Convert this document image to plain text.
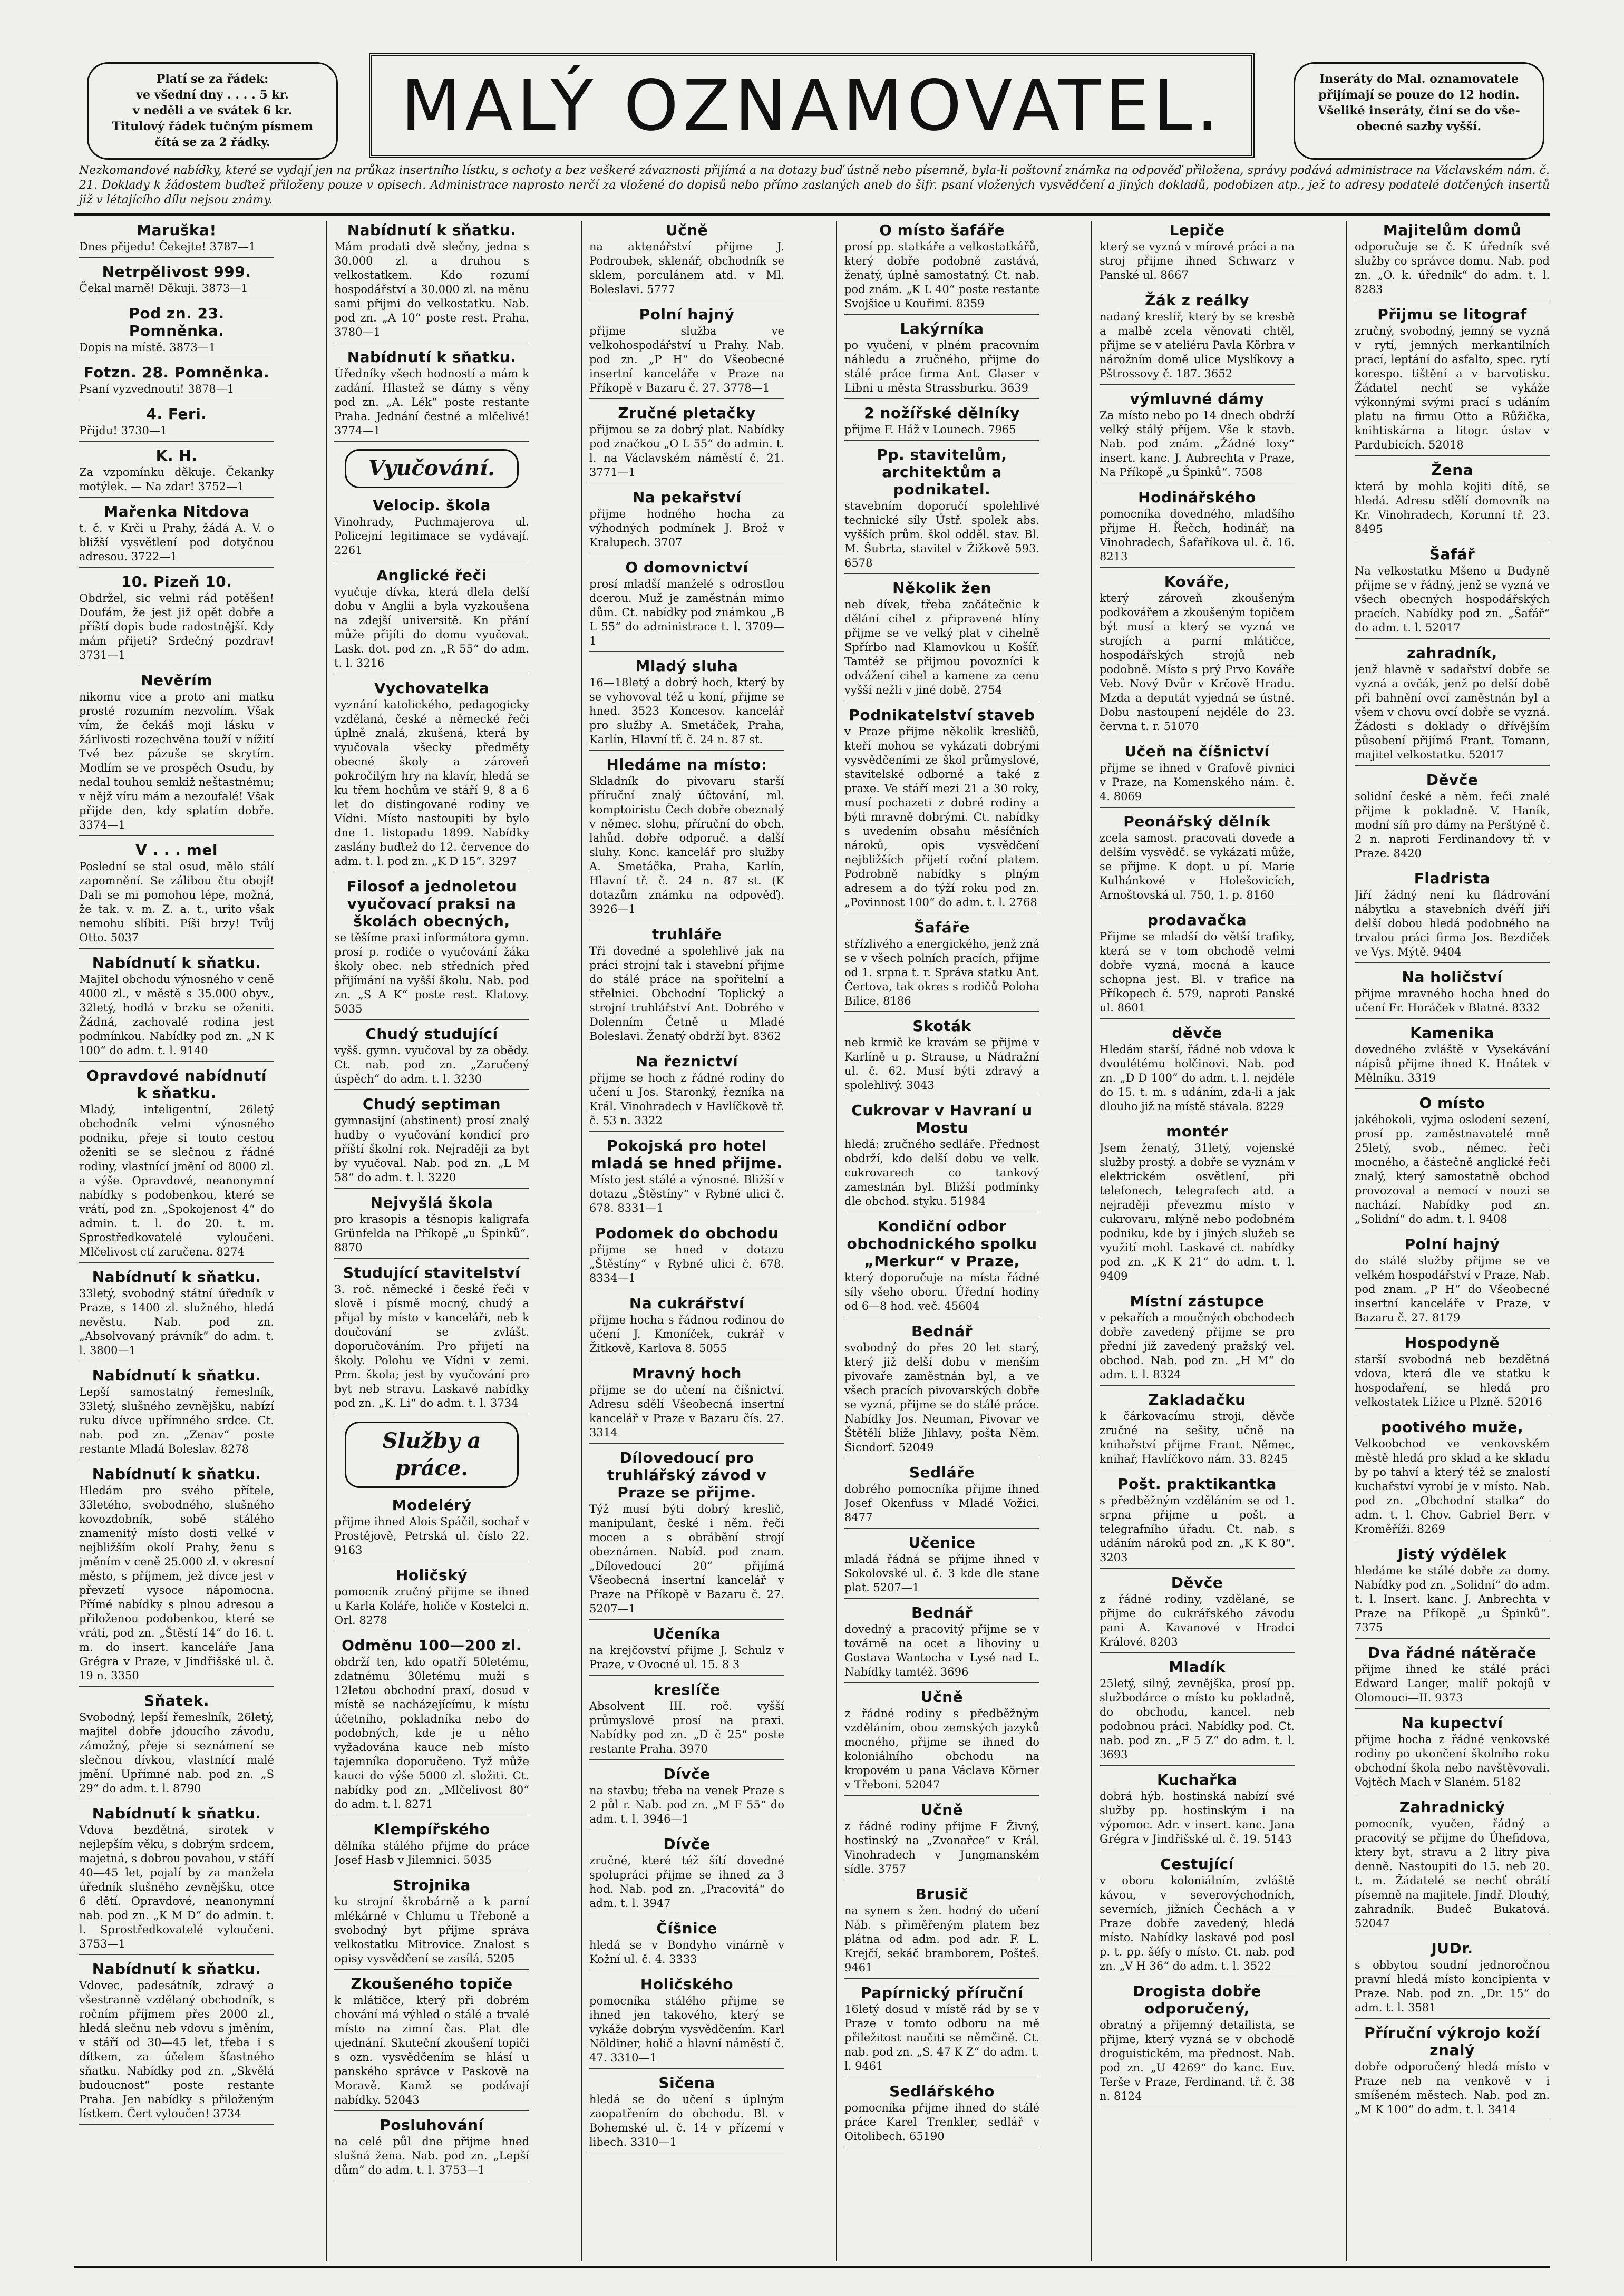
Platí se za řádek:
ve všední dny . . . . 5 kr.
v neděli a ve svátek 6 kr.
Titulový řádek tučným písmem
čítá se za 2 řádky.	MALÝ OZNAMOVATEL.	Inseráty do Mal. oznamovatele
přijímají se pouze do 12 hodin.
Všeliké inseráty, činí se do vše-
obecné sazby vyšší.
Nezkomandové nabídky, které se vydají jen na průkaz insertního lístku, s ochoty a bez veškeré závaznosti přijímá a na dotazy buď ústně nebo písemně, byla-li poštovní známka na odpověď přiložena, správy podává administrace na Václavském nám. č. 21. Doklady k žádostem buďtež přiloženy pouze v opisech. Administrace naprosto nerčí za vložené do dopisů nebo přímo zaslaných aneb do šifr. psaní vložených vysvědčení a jiných dokladů, podobizen atp., jež to adresy podatelé dotčených insertů již v létajícího dílu nejsou známy.
Maruška!

Dnes přijedu! Čekejte! 3787—1

Netrpělivost 999.

Čekal marně! Děkuji. 3873—1

Pod zn. 23. Pomněnka.

Dopis na místě. 3873—1

Fotzn. 28. Pomněnka.

Psaní vyzvednouti! 3878—1

4. Feri.

Přijdu! 3730—1

K. H.

Za vzpomínku děkuje. Čekanky motýlek. — Na zdar! 3752—1

Mařenka Nitdova

t. č. v Krči u Prahy, žádá A. V. o bližší vysvětlení pod dotyčnou adresou. 3722—1

10. Pizeň 10.

Obdržel, sic velmi rád potěšen! Doufám, že jest již opět dobře a příští dopis bude radostnější. Kdy mám přijeti? Srdečný pozdrav! 3731—1

Nevěrím

nikomu více a proto ani matku prosté rozumím nezvolím. Však vím, že čekáš moji lásku v žárlivosti rozechvěna touží v nížití Tvé bez pázuše se skrytím. Modlím se ve prospěch Osudu, by nedal touhou semkiž neštastnému; v nějž víru mám a nezoufalé! Však přijde den, kdy splatím dobře. 3374—1

V . . . mel

Poslední se stal osud, mělo stálí zapomnění. Se zálibou čtu obojí! Dali se mi pomohou lépe, možná, že tak. v. m. Z. a. t., urito však nemohu slíbiti. Píši brzy! Tvůj Otto. 5037

Nabídnutí k sňatku.

Majitel obchodu výnosného v ceně 4000 zl., v městě s 35.000 obyv., 32letý, hodlá v brzku se oženiti. Žádná, zachovalé rodina jest podmínkou. Nabídky pod zn. „N K 100“ do adm. t. l. 9140

Opravdové nabídnutí k sňatku.

Mladý, inteligentní, 26letý obchodník velmi výnosného podniku, přeje si touto cestou oženiti se se slečnou z řádné rodiny, vlastnící jmění od 8000 zl. a výše. Opravdové, neanonymní nabídky s podobenkou, které se vrátí, pod zn. „Spokojenost 4“ do admin. t. l. do 20. t. m. Sprostředkovatelé vyloučeni. Mlčelivost ctí zaručena. 8274

Nabídnutí k sňatku.

33letý, svobodný státní úředník v Praze, s 1400 zl. služného, hledá nevěstu. Nab. pod zn. „Absolvovaný právník“ do adm. t. l. 3800—1

Nabídnutí k sňatku.

Lepší samostatný řemeslník, 33letý, slušného zevnějšku, nabízí ruku dívce upřímného srdce. Ct. nab. pod zn. „Zenav“ poste restante Mladá Boleslav. 8278

Nabídnutí k sňatku.

Hledám pro svého přítele, 33letého, svobodného, slušného kovozdobník, sobě stálého znamenitý místo dosti velké v nejbližším okolí Prahy, ženu s jměním v ceně 25.000 zl. v okresní město, s příjmem, jež dívce jest v převzetí vysoce nápomocna. Přímé nabídky s plnou adresou a přiloženou podobenkou, které se vrátí, pod zn. „Štěstí 14“ do 16. t. m. do insert. kanceláře Jana Grégra v Praze, v Jindřišské ul. č. 19 n. 3350

Sňatek.

Svobodný, lepší řemeslník, 26letý, majitel dobře jdoucího závodu, zámožný, přeje si seznámení se slečnou dívkou, vlastnící malé jmění. Upřímné nab. pod zn. „S 29“ do adm. t. l. 8790

Nabídnutí k sňatku.

Vdova bezdětná, sirotek v nejlepším věku, s dobrým srdcem, majetná, s dobrou povahou, v stáří 40—45 let, pojalí by za manžela úředník slušného zevnějšku, otce 6 dětí. Opravdové, neanonymní nab. pod zn. „K M D“ do admin. t. l. Sprostředkovatelé vyloučeni. 3753—1

Nabídnutí k sňatku.

Vdovec, padesátník, zdravý a všestranně vzdělaný obchodník, s ročním příjmem přes 2000 zl., hledá slečnu neb vdovu s jměním, v stáří od 30—45 let, třeba i s dítkem, za účelem šťastného sňatku. Nabídky pod zn. „Skvělá budoucnost“ poste restante Praha. Jen nabídky s přiloženým lístkem. Čert vyloučen! 3734

Nabídnutí k sňatku.

Mám prodati dvě slečny, jedna s 30.000 zl. a druhou s velkostatkem. Kdo rozumí hospodářství a 30.000 zl. na měnu sami přijmi do velkostatku. Nab. pod zn. „A 10“ poste rest. Praha. 3780—1

Nabídnutí k sňatku.

Úředníky všech hodností a mám k zadání. Hlastež se dámy s věny pod zn. „A. Lék“ poste restante Praha. Jednání čestné a mlčelivé! 3774—1

Vyučování.
Velocip. škola

Vinohrady, Puchmajerova ul. Policejní legitimace se vydávají. 2261

Anglické řeči

vyučuje dívka, která dlela delší dobu v Anglii a byla vyzkoušena na zdejší universitě. Kn přání může přijíti do domu vyučovat. Lask. dot. pod zn. „R 55“ do adm. t. l. 3216

Vychovatelka

vyznání katolického, pedagogicky vzdělaná, české a německé řeči úplně znalá, zkušená, která by vyučovala všecky předměty obecné školy a zároveň pokročilým hry na klavír, hledá se ku třem hochům ve stáří 9, 8 a 6 let do distingované rodiny ve Vídni. Místo nastoupiti by bylo dne 1. listopadu 1899. Nabídky zaslány buďtež do 12. července do adm. t. l. pod zn. „K D 15“. 3297

Filosof a jednoletou vyučovací praksi na školách obecných,

se těšíme praxi informátora gymn. prosí p. rodiče o vyučování žáka školy obec. neb středních před přijímání na vyšší školu. Nab. pod zn. „S A K“ poste rest. Klatovy. 5035

Chudý studující

vyšš. gymn. vyučoval by za obědy. Ct. nab. pod zn. „Zaručený úspěch“ do adm. t. l. 3230

Chudý septiman

gymnasijní (abstinent) prosí znalý hudby o vyučování kondicí pro příští školní rok. Nejraději za byt by vyučoval. Nab. pod zn. „L M 58“ do adm. t. l. 3220

Nejvyšlá škola

pro krasopis a těsnopis kaligrafa Grünfelda na Příkopě „u Špinků“. 8870

Studující stavitelství

3. roč. německé i české řeči v slově i písmě mocný, chudý a přijal by místo v kanceláři, neb k doučování se zvlášt. doporučováním. Pro přijetí na školy. Polohu ve Vídni v zemi. Prm. škola; jest by vyučování pro byt neb stravu. Laskavé nabídky pod zn. „K. Li“ do adm. t. l. 3734

Služby a práce.
Modelérý

přijme ihned Alois Spáčil, sochař v Prostějově, Petrská ul. číslo 22. 9163

Holičský

pomocník zručný přijme se ihned u Karla Koláře, holiče v Kostelci n. Orl. 8278

Odměnu 100—200 zl.

obdrží ten, kdo opatří 50letému, zdatnému 30letému muži s 12letou obchodní praxí, dosud v místě se nacházejícímu, k místu účetního, pokladníka nebo do podobných, kde je u něho vyžadována kauce neb místo tajemníka doporučeno. Tyž může kauci do výše 5000 zl. složiti. Ct. nabídky pod zn. „Mlčelivost 80“ do adm. t. l. 8271

Klempířského

dělníka stálého přijme do práce Josef Hasb v Jilemnici. 5035

Strojnika

ku strojní škrobárně a k parní mlékárně v Chlumu u Třeboně a svobodný byt přijme správa velkostatku Mitrovice. Znalost s opisy vysvědčení se zasílá. 5205

Zkoušeného topiče

k mlátičce, který při dobrém chování má výhled o stálé a trvalé místo na zimní čas. Plat dle ujednání. Skuteční zkoušení topiči s ozn. vysvědčením se hlásí u panského správce v Paskově na Moravě. Kamž se podávají nabídky. 52043

Posluhování

na celé půl dne přijme hned slušná žena. Nab. pod zn. „Lepší dům“ do adm. t. l. 3753—1

Učně

na aktenářství přijme J. Podroubek, sklenář, obchodník se sklem, porculánem atd. v Ml. Boleslavi. 5777

Polní hajný

přijme služba ve velkohospodářství u Prahy. Nab. pod zn. „P H“ do Všeobecné insertní kanceláře v Praze na Příkopě v Bazaru č. 27. 3778—1

Zručné pletačky

přijmou se za dobrý plat. Nabídky pod značkou „O L 55“ do admin. t. l. na Václavském náměstí č. 21. 3771—1

Na pekařství

přijme hodného hocha za výhodných podmínek J. Brož v Kralupech. 3707

O domovnictví

prosí mladší manželé s odrostlou dcerou. Muž je zaměstnán mimo dům. Ct. nabídky pod známkou „B L 55“ do administrace t. l. 3709—1

Mladý sluha

16—18letý a dobrý hoch, který by se vyhovoval též u koní, přijme se hned. 3523 Koncesov. kancelář pro služby A. Smetáček, Praha, Karlín, Hlavní tř. č. 24 n. 87 st.

Hledáme na místo:

Skladník do pivovaru starší příruční znalý účtování, ml. komptoiristu Čech dobře obeznalý v němec. slohu, příruční do obch. lahůd. dobře odporuč. a další sluhy. Konc. kancelář pro služby A. Smetáčka, Praha, Karlín, Hlavní tř. č. 24 n. 87 st. (K dotazům známku na odpověď). 3926—1

truhláře

Tři dovedné a spolehlivé jak na práci strojní tak i stavební přijme do stálé práce na spořitelní a střelnici. Obchodní Toplický a strojní truhlářství Ant. Dobrého v Dolenním Četně u Mladé Boleslavi. Ženatý obdrží byt. 8362

Na řeznictví

přijme se hoch z řádné rodiny do učení u Jos. Staronký, řezníka na Král. Vinohradech v Havlíčkově tř. č. 53 n. 3322

Pokojská pro hotel mladá se hned přijme.

Místo jest stálé a výnosné. Bližší v dotazu „Štěstíny“ v Rybné ulici č. 678. 8331—1

Podomek do obchodu

přijme se hned v dotazu „Štěstíny“ v Rybné ulici č. 678. 8334—1

Na cukrářství

přijme hocha s řádnou rodinou do učení J. Kmoníček, cukrář v Žitkově, Karlova 8. 5055

Mravný hoch

přijme se do učení na číšnictví. Adresu sdělí Všeobecná insertní kancelář v Praze v Bazaru čís. 27. 3314

Dílovedoucí pro truhlářský závod v Praze se přijme.

Týž musí býti dobrý kreslič, manipulant, české i něm. řeči mocen a s obrábění strojí obeznámen. Nabíd. pod znam. „Dílovedoucí 20“ přijímá Všeobecná insertní kancelář v Praze na Příkopě v Bazaru č. 27. 5207—1

Učeníka

na krejčovství přijme J. Schulz v Praze, v Ovocné ul. 15. 8 3

kreslíče

Absolvent III. roč. vyšší průmyslové prosí na praxi. Nabídky pod zn. „D č 25“ poste restante Praha. 3970

Dívče

na stavbu; třeba na venek Praze s 2 půl r. Nab. pod zn. „M F 55“ do adm. t. l. 3946—1

Dívče

zručné, které též šítí dovedné spolupráci přijme se ihned za 3 hod. Nab. pod zn. „Pracovitá“ do adm. t. l. 3947

Číšnice

hledá se v Bondyho vinárně v Kožní ul. č. 4. 3333

Holičského

pomocníka stálého přijme se ihned jen takového, který se vykáže dobrým vysvědčením. Karl Nöldiner, holič a hlavní náměstí č. 47. 3310—1

Sičena

hledá se do učení s úplným zaopatřením do obchodu. Bl. v Bohemské ul. č. 14 v přízemí v libech. 3310—1

O místo šafáře

prosí pp. statkáře a velkostatkářů, který dobře podobně zastává, ženatý, úplně samostatný. Ct. nab. pod znám. „K L 40“ poste restante Svojšice u Kouřimi. 8359

Lakýrníka

po vyučení, v plném pracovním náhledu a zručného, přijme do stálé práce firma Ant. Glaser v Libni u města Strassburku. 3639

2 nožířské dělníky

přijme F. Háž v Lounech. 7965

Pp. stavitelům, architektům a podnikatel.

stavebním doporučí spolehlivé technické síly Ústř. spolek abs. vyšších prům. škol odděl. stav. Bl. M. Šubrta, stavitel v Žižkově 593. 6578

Několik žen

neb dívek, třeba začátečnic k dělání cihel z připravené hlíny přijme se ve velký plat v cihelně Spřírbo nad Klamovkou u Košíř. Tamtéž se přijmou povozníci k odvážení cihel a kamene za cenu vyšší nežli v jiné době. 2754

Podnikatelství staveb

v Praze přijme několik kresličů, kteří mohou se vykázati dobrými vysvědčeními ze škol průmyslové, stavitelské odborné a také z praxe. Ve stáří mezi 21 a 30 roky, musí pochazeti z dobré rodiny a býti mravně dobrými. Ct. nabídky s uvedením obsahu měsíčních nároků, opis vysvědčení nejbližších přijetí roční platem. Podrobně nabídky s plným adresem a do týží roku pod zn. „Povinnost 100“ do adm. t. l. 2768

Šafáře

střízlivého a energického, jenž zná se v všech polních pracích, přijme od 1. srpna t. r. Správa statku Ant. Čertova, tak okres s rodičů Poloha Bilice. 8186

Skoták

neb krmič ke kravám se přijme v Karlíně u p. Strause, u Nádražní ul. č. 62. Musí býti zdravý a spolehlivý. 3043

Cukrovar v Havraní u Mostu

hledá: zručného sedláře. Přednost obdrží, kdo delší dobu ve velk. cukrovarech co tankový zamestnán byl. Bližší podmínky dle obchod. styku. 51984

Kondiční odbor obchodnického spolku „Merkur“ v Praze,

který doporučuje na místa řádné síly všeho oboru. Úřední hodiny od 6—8 hod. več. 45604

Bednář

svobodný do přes 20 let starý, který již delší dobu v menším pivovaře zaměstnán byl, a ve všech pracích pivovarských dobře se vyzná, přijme se do stálé práce. Nabídky Jos. Neuman, Pivovar ve Štětělí blíže Jihlavy, pošta Něm. Šicndorf. 52049

Sedláře

dobrého pomocníka přijme ihned Josef Okenfuss v Mladé Vožici. 8477

Učenice

mladá řádná se přijme ihned v Sokolovské ul. č. 3 kde dle stane plat. 5207—1

Bednář

dovedný a pracovitý přijme se v továrně na ocet a lihoviny u Gustava Wantocha v Lysé nad L. Nabídky tamtéž. 3696

Učně

z řádné rodiny s předběžným vzděláním, obou zemských jazyků mocného, přijme se ihned do koloniálního obchodu na kropovém u pana Václava Körner v Třeboni. 52047

Učně

z řádné rodiny přijme F Živný, hostinský na „Zvonařce“ v Král. Vinohradech v Jungmanském sídle. 3757

Brusič

na synem s žen. hodný do učení Náb. s přiměřeným platem bez plátna od adm. pod adr. F. L. Krejčí, sekáč bramborem, Pošteš. 9461

Papírnický příruční

16letý dosud v místě rád by se v Praze v tomto odboru na mě přiležitost naučiti se němčině. Ct. nab. pod zn. „S. 47 K Z“ do adm. t. l. 9461

Sedlářského

pomocníka přijme ihned do stálé práce Karel Trenkler, sedlář v Oitolibech. 65190

Lepiče

který se vyzná v mírové práci a na stroj přijme ihned Schwarz v Panské ul. 8667

Žák z reálky

nadaný kreslíř, který by se kresbě a malbě zcela věnovati chtěl, přijme se v ateliéru Pavla Körbra v nárožním domě ulice Myslíkovy a Pštrossovy č. 187. 3652

výmluvné dámy

Za místo nebo po 14 dnech obdrží velký stálý příjem. Vše k stavb. Nab. pod znám. „Žádné loxy“ insert. kanc. J. Aubrechta v Praze, Na Příkopě „u Špinků“. 7508

Hodinářského

pomocníka dovedného, mladšího přijme H. Řečch, hodinář, na Vinohradech, Šafaříkova ul. č. 16. 8213

Kováře,

který zároveň zkoušeným podkovářem a zkoušeným topičem být musí a který se vyzná ve strojích a parní mlátičce, hospodářských strojů neb podobně. Místo s prý Prvo Kováře Veb. Nový Dvůr v Krčově Hradu. Mzda a deputát vyjedná se ústně. Dobu nastoupení nejdéle do 23. června t. r. 51070

Učeň na číšnictví

přijme se ihned v Grafově pivnici v Praze, na Komenského nám. č. 4. 8069

Peonářský dělník

zcela samost. pracovati dovede a delším vysvědč. se vykázati může, se přijme. K dopt. u pí. Marie Kulhánkové v Holešovicích, Arnoštovská ul. 750, 1. p. 8160

prodavačka

Přijme se mladší do větší trafiky, která se v tom obchodě velmi dobře vyzná, mocná a kauce schopna jest. Bl. v trafice na Příkopech č. 579, naproti Panské ul. 8601

děvče

Hledám starší, řádné nob vdova k dvoulétému holčinovi. Nab. pod zn. „D D 100“ do adm. t. l. nejdéle do 15. t. m. s udáním, zda-li a jak dlouho již na místě stávala. 8229

montér

Jsem ženatý, 31letý, vojenské služby prostý. a dobře se vyznám v elektrickém osvětlení, při telefonech, telegrafech atd. a nejraději převezmu místo v cukrovaru, mlýně nebo podobném podniku, kde by i jiných služeb se využití mohl. Laskavé ct. nabídky pod zn. „K K 21“ do adm. t. l. 9409

Místní zástupce

v pekařích a moučných obchodech dobře zavedený přijme se pro přední již zavedený pražský vel. obchod. Nab. pod zn. „H M“ do adm. t. l. 8324

Zakladačku

k čárkovacímu stroji, děvče zručné na sešity, učně na knihařství přijme Frant. Němec, knihař, Havlíčkovo nám. 33. 8245

Pošt. praktikantka

s předběžným vzděláním se od 1. srpna přijme u pošt. a telegrafního úřadu. Ct. nab. s udáním nároků pod zn. „K K 80“. 3203

Děvče

z řádné rodiny, vzdělané, se přijme do cukrářského závodu pani A. Kavanové v Hradci Králové. 8203

Mladík

25letý, silný, zevnějška, prosí pp. službodárce o místo ku pokladně, do obchodu, kancel. neb podobnou práci. Nabídky pod. Ct. nab. pod zn. „F 5 Z“ do adm. t. l. 3693

Kuchařka

dobrá hýb. hostinská nabízí své služby pp. hostinským i na výpomoc. Adr. v insert. kanc. Jana Grégra v Jindřišské ul. č. 19. 5143

Cestující

v oboru koloniálním, zvláště kávou, v severovýchodních, severních, jižních Čechách a v Praze dobře zavedený, hledá místo. Nabídky laskavé pod posl p. t. pp. šéfy o místo. Ct. nab. pod zn. „V H 36“ do adm. t. l. 3522

Drogista dobře odporučený,

obratný a přijemný detailista, se přijme, který vyzná se v obchodě droguistickém, ma přednost. Nab. pod zn. „U 4269“ do kanc. Euv. Terše v Praze, Ferdinand. tř. č. 38 n. 8124

Majitelům domů

odporučuje se č. K úředník své služby co správce domu. Nab. pod zn. „O. k. úředník“ do adm. t. l. 8283

Přijmu se litograf

zručný, svobodný, jemný se vyzná v rytí, jemných merkantilních prací, leptání do asfalto, spec. rytí korespo. tištění a v barvotisku. Žádatel nechť se vykáže výkonnými svými prací s udáním platu na firmu Otto a Růžička, knihtiskárna a litogr. ústav v Pardubicích. 52018

Žena

která by mohla kojiti dítě, se hledá. Adresu sdělí domovník na Kr. Vinohradech, Korunní tř. 23. 8495

Šafář

Na velkostatku Mšeno u Budyně přijme se v řádný, jenž se vyzná ve všech obecných hospodářských pracích. Nabídky pod zn. „Šafář“ do adm. t. l. 52017

zahradník,

jenž hlavně v sadařství dobře se vyzná a ovčák, jenž po delší době při bahnění ovcí zaměstnán byl a všem v chovu ovcí dobře se vyzná. Žádosti s doklady o dřívějším působení přijímá Frant. Tomann, majitel velkostatku. 52017

Děvče

solidní české a něm. řeči znalé přijme k pokladně. V. Haník, modní síň pro dámy na Perštýně č. 2 n. naproti Ferdinandovy tř. v Praze. 8420

Fladrista

Jiří žádný není ku fládrování nábytku a stavebních dvéří jiří delší dobou hledá podobného na trvalou práci firma Jos. Bezdiček ve Vys. Mýtě. 9404

Na holičství

přijme mravného hocha hned do učení Fr. Horáček v Blatné. 8332

Kamenika

dovedného zvláště v Vysekávání nápisů přijme ihned K. Hnátek v Mělníku. 3319

O místo

jakéhokoli, vyjma oslodení sezení, prosí pp. zaměstnavatelé mně 25letý, svob., němec. řeči mocného, a částečně anglické řeči znalý, který samostatně obchod provozoval a nemocí v nouzi se nachází. Nabídky pod zn. „Solidní“ do adm. t. l. 9408

Polní hajný

do stálé služby přijme se ve velkém hospodářství v Praze. Nab. pod znam. „P H“ do Všeobecné insertní kanceláře v Praze, v Bazaru č. 27. 8179

Hospodyně

starší svobodná neb bezdětná vdova, která dle ve statku k hospodaření, se hledá pro velkostatek Ližice u Plzně. 52016

pootivého muže,

Velkoobchod ve venkovském městě hledá pro sklad a ke skladu by po tahví a který též se znalostí kuchařství vyrobí je v místo. Nab. pod zn. „Obchodní stalka“ do adm. t. l. Chov. Gabriel Berr. v Kroměříži. 8269

Jistý výdělek

hledáme ke stálé dobře za domy. Nabídky pod zn. „Solidní“ do adm. t. l. Insert. kanc. J. Anbrechta v Praze na Příkopě „u Špinků“. 7375

Dva řádné nátěrače

přijme ihned ke stálé práci Edward Langer, malíř pokojů v Olomouci—II. 9373

Na kupectví

přijme hocha z řádné venkovské rodiny po ukončení školního roku obchodní škola nebo navštěvovali. Vojtěch Mach v Slaném. 5182

Zahradnický

pomocník, vyučen, řádný a pracovitý se přijme do Úhefidova, ktery byt, stravu a 2 litry piva denně. Nastoupiti do 15. neb 20. t. m. Žádatelé se nechť obrátí písemně na majitele. Jindř. Dlouhý, zahradník. Budeč Bukatová. 52047

JUDr.

s obbytou soudní jednoročnou pravní hledá místo koncipienta v Praze. Nab. pod zn. „Dr. 15“ do adm. t. l. 3581

Příruční výkrojo koží znalý

dobře odporučený hledá místo v Praze neb na venkově v i smíšeném městech. Nab. pod zn. „M K 100“ do adm. t. l. 3414
